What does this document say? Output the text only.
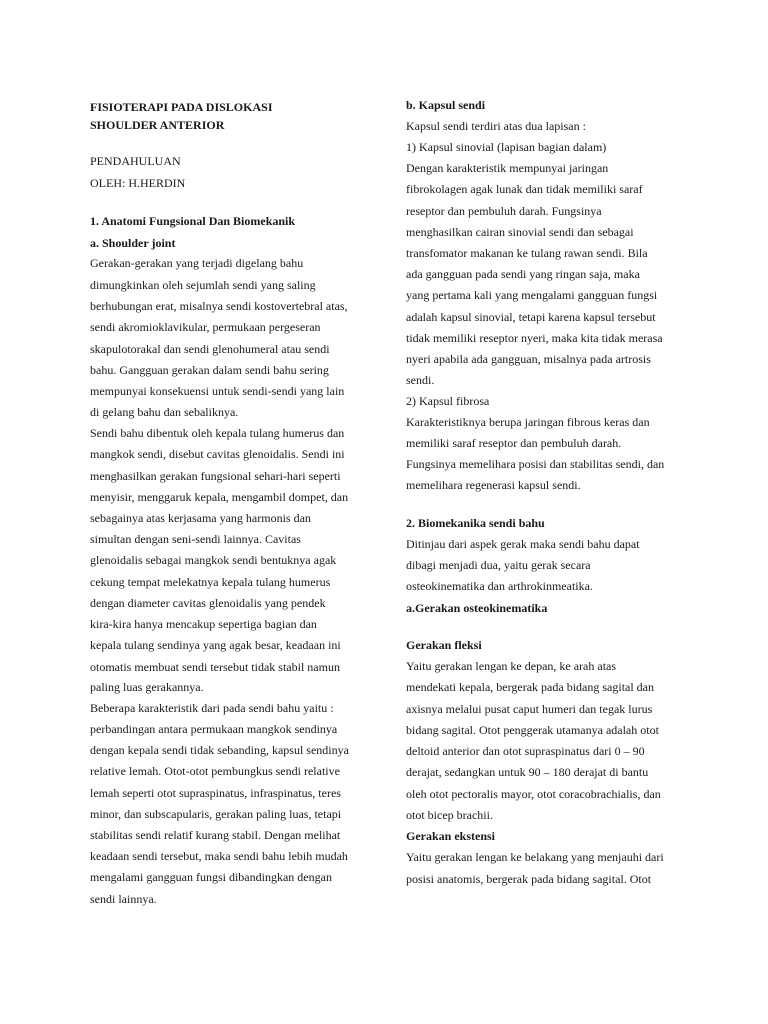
FISIOTERAPI PADA DISLOKASI
SHOULDER ANTERIOR
PENDAHULUAN
OLEH: H.HERDIN
1. Anatomi Fungsional Dan Biomekanik
a. Shoulder joint
Gerakan-gerakan yang terjadi digelang bahu
dimungkinkan oleh sejumlah sendi yang saling
berhubungan erat, misalnya sendi kostovertebral atas,
sendi akromioklavikular, permukaan pergeseran
skapulotorakal dan sendi glenohumeral atau sendi
bahu. Gangguan gerakan dalam sendi bahu sering
mempunyai konsekuensi untuk sendi-sendi yang lain
di gelang bahu dan sebaliknya.
Sendi bahu dibentuk oleh kepala tulang humerus dan
mangkok sendi, disebut cavitas glenoidalis. Sendi ini
menghasilkan gerakan fungsional sehari-hari seperti
menyisir, menggaruk kepala, mengambil dompet, dan
sebagainya atas kerjasama yang harmonis dan
simultan dengan seni-sendi lainnya. Cavitas
glenoidalis sebagai mangkok sendi bentuknya agak
cekung tempat melekatnya kepala tulang humerus
dengan diameter cavitas glenoidalis yang pendek
kira-kira hanya mencakup sepertiga bagian dan
kepala tulang sendinya yang agak besar, keadaan ini
otomatis membuat sendi tersebut tidak stabil namun
paling luas gerakannya.
Beberapa karakteristik dari pada sendi bahu yaitu :
perbandingan antara permukaan mangkok sendinya
dengan kepala sendi tidak sebanding, kapsul sendinya
relative lemah. Otot-otot pembungkus sendi relative
lemah seperti otot supraspinatus, infraspinatus, teres
minor, dan subscapularis, gerakan paling luas, tetapi
stabilitas sendi relatif kurang stabil. Dengan melihat
keadaan sendi tersebut, maka sendi bahu lebih mudah
mengalami gangguan fungsi dibandingkan dengan
sendi lainnya.
b. Kapsul sendi
Kapsul sendi terdiri atas dua lapisan :
1) Kapsul sinovial (lapisan bagian dalam)
Dengan karakteristik mempunyai jaringan
fibrokolagen agak lunak dan tidak memiliki saraf
reseptor dan pembuluh darah. Fungsinya
menghasilkan cairan sinovial sendi dan sebagai
transfomator makanan ke tulang rawan sendi. Bila
ada gangguan pada sendi yang ringan saja, maka
yang pertama kali yang mengalami gangguan fungsi
adalah kapsul sinovial, tetapi karena kapsul tersebut
tidak memiliki reseptor nyeri, maka kita tidak merasa
nyeri apabila ada gangguan, misalnya pada artrosis
sendi.
2) Kapsul fibrosa
Karakteristiknya berupa jaringan fibrous keras dan
memiliki saraf reseptor dan pembuluh darah.
Fungsinya memelihara posisi dan stabilitas sendi, dan
memelihara regenerasi kapsul sendi.
2. Biomekanika sendi bahu
Ditinjau dari aspek gerak maka sendi bahu dapat
dibagi menjadi dua, yaitu gerak secara
osteokinematika dan arthrokinmeatika.
a.Gerakan osteokinematika
Gerakan fleksi
Yaitu gerakan lengan ke depan, ke arah atas
mendekati kepala, bergerak pada bidang sagital dan
axisnya melalui pusat caput humeri dan tegak lurus
bidang sagital. Otot penggerak utamanya adalah otot
deltoid anterior dan otot supraspinatus dari 0 – 90
derajat, sedangkan untuk 90 – 180 derajat di bantu
oleh otot pectoralis mayor, otot coracobrachialis, dan
otot bicep brachii.
Gerakan ekstensi
Yaitu gerakan lengan ke belakang yang menjauhi dari
posisi anatomis, bergerak pada bidang sagital. Otot
